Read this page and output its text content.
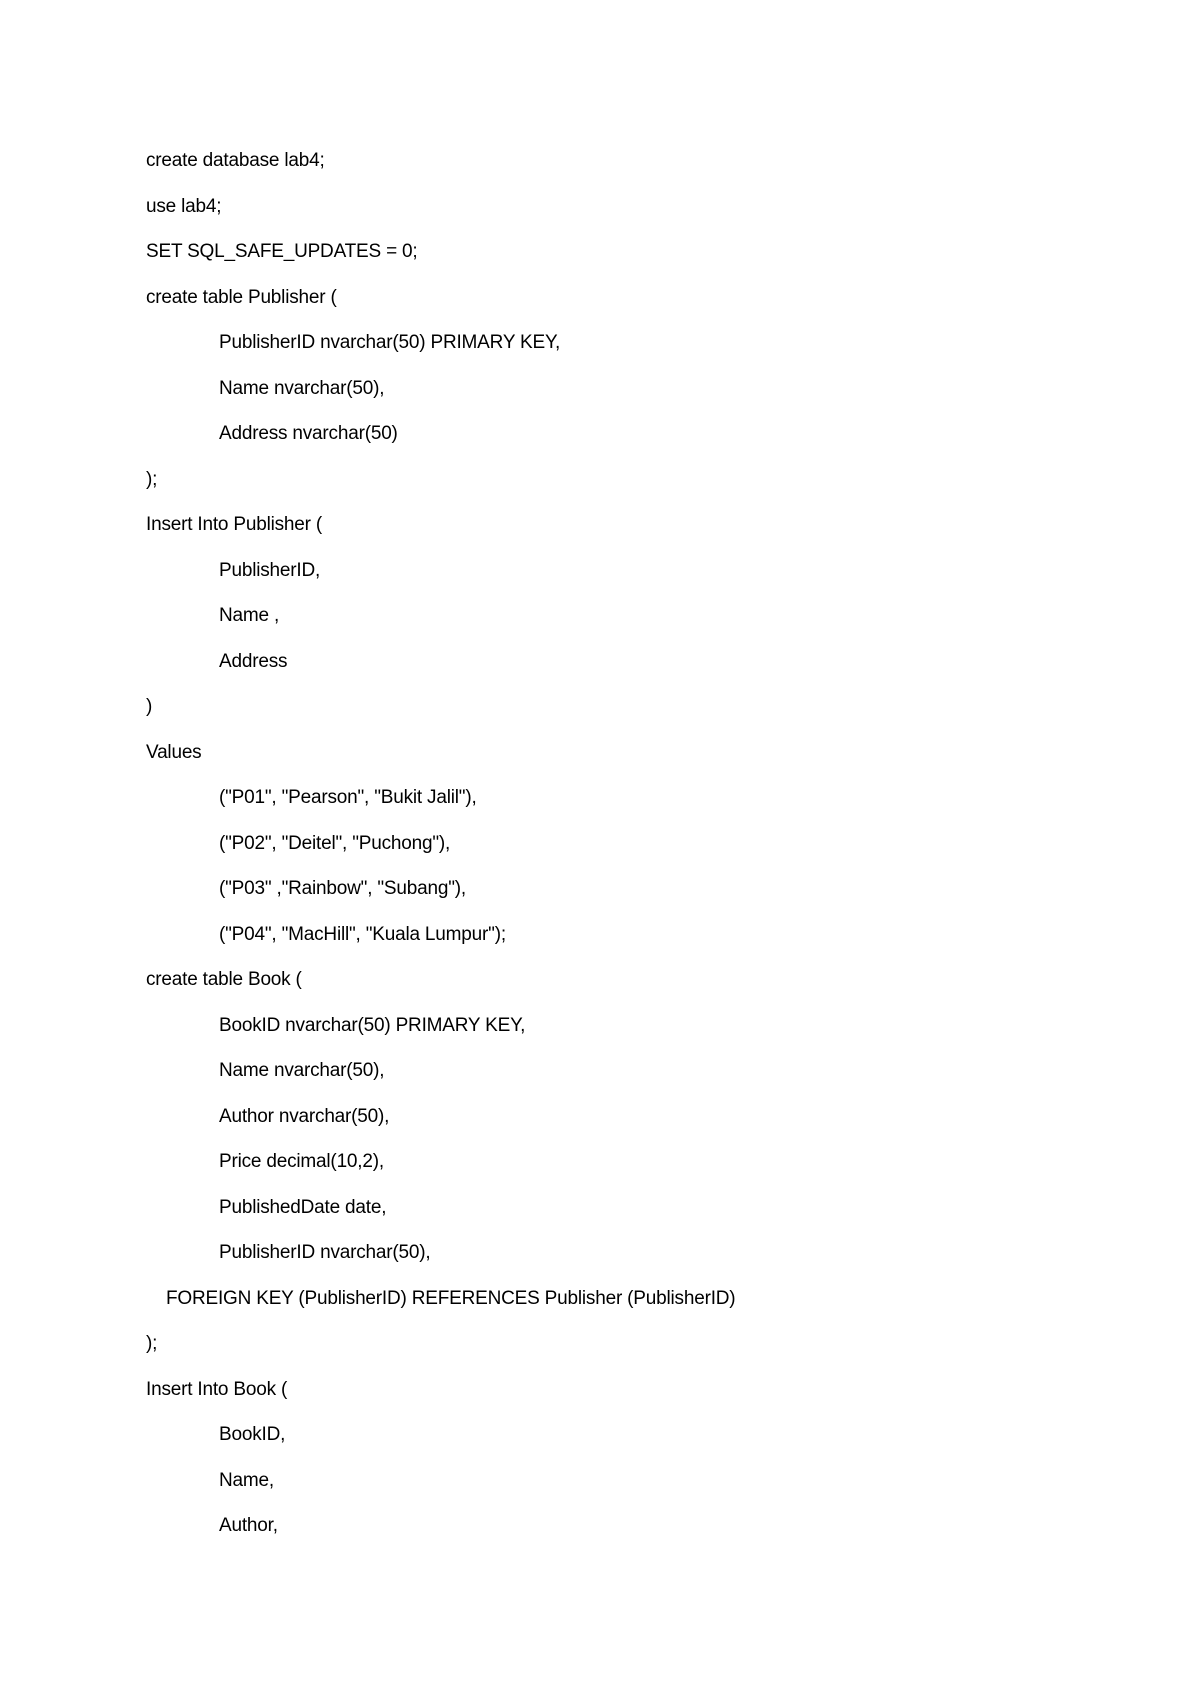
create database lab4;
use lab4;
SET SQL_SAFE_UPDATES = 0;
create table Publisher (
PublisherID nvarchar(50) PRIMARY KEY,
Name nvarchar(50),
Address nvarchar(50)
);
Insert Into Publisher (
PublisherID,
Name ,
Address
)
Values
("P01", "Pearson", "Bukit Jalil"),
("P02", "Deitel", "Puchong"),
("P03" ,"Rainbow", "Subang"),
("P04", "MacHill", "Kuala Lumpur");
create table Book (
BookID nvarchar(50) PRIMARY KEY,
Name nvarchar(50),
Author nvarchar(50),
Price decimal(10,2),
PublishedDate date,
PublisherID nvarchar(50),
FOREIGN KEY (PublisherID) REFERENCES Publisher (PublisherID)
);
Insert Into Book (
BookID,
Name,
Author,
